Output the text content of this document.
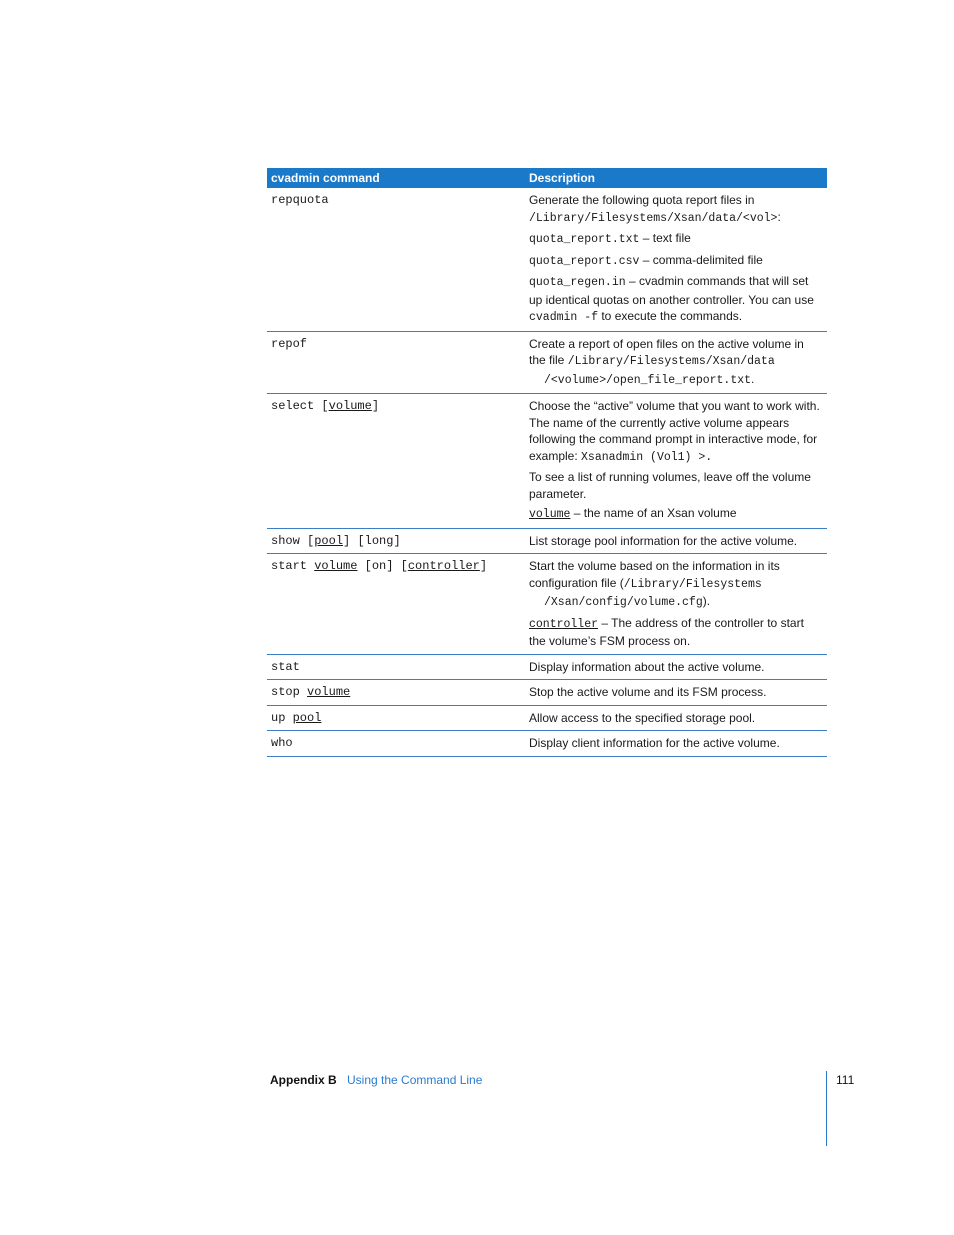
cvadmin command	Description
repquota	Generate the following quota report files in
/Library/Filesystems/Xsan/data/<vol>:
quota_report.txt – text file
quota_report.csv – comma-delimited file
quota_regen.in – cvadmin commands that will set up identical quotas on another controller. You can use cvadmin -f to execute the commands.

repof	Create a report of open files on the active volume in the file /Library/Filesystems/Xsan/data
/<volume>/open_file_report.txt.
select [volume]	Choose the “active” volume that you want to work with. The name of the currently active volume appears following the command prompt in interactive mode, for example: Xsanadmin (Vol1) >.
To see a list of running volumes, leave off the volume parameter.
volume – the name of an Xsan volume

show [pool] [long]	List storage pool information for the active volume.
start volume [on] [controller]	Start the volume based on the information in its configuration file (/Library/Filesystems
/Xsan/config/volume.cfg).
controller – The address of the controller to start the volume’s FSM process on.

stat	Display information about the active volume.
stop volume	Stop the active volume and its FSM process.
up pool	Allow access to the specified storage pool.
who	Display client information for the active volume.
Appendix B Using the Command Line	111
